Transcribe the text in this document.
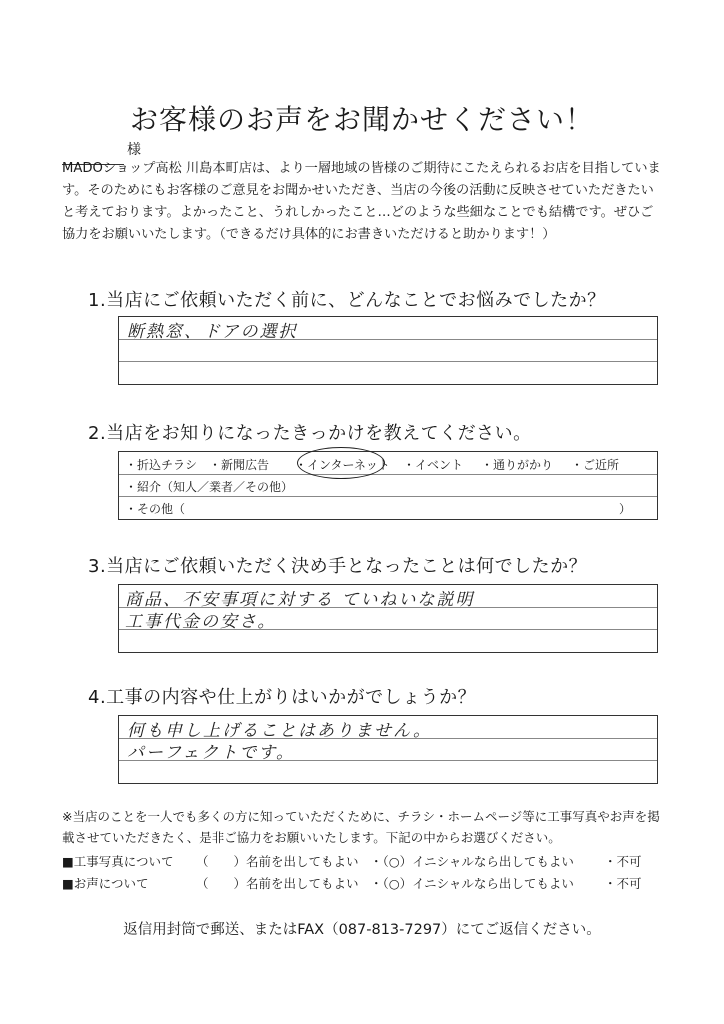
お客様のお声をお聞かせください！
様
MADOショップ高松 川島本町店は、より一層地域の皆様のご期待にこたえられるお店を目指しています。そのためにもお客様のご意見をお聞かせいただき、当店の今後の活動に反映させていただきたいと考えております。よかったこと、うれしかったこと…どのような些細なことでも結構です。ぜひご協力をお願いいたします。（できるだけ具体的にお書きいただけると助かります！）
1.当店にご依頼いただく前に、どんなことでお悩みでしたか？
断熱窓、ドアの選択
2.当店をお知りになったきっかけを教えてください。
・折込チラシ ・新聞広告 ・インターネット ・イベント ・通りがかり ・ご近所
・紹介（知人／業者／その他）
・その他（	）
3.当店にご依頼いただく決め手となったことは何でしたか？
商品、不安事項に対する ていねいな説明
工事代金の安さ。
4.工事の内容や仕上がりはいかがでしょうか？
何も申し上げることはありません。
パーフェクトです。
※当店のことを一人でも多くの方に知っていただくために、チラシ・ホームページ等に工事写真やお声を掲載させていただきたく、是非ご協力をお願いいたします。下記の中からお選びください。
■工事写真について （　　）名前を出してもよい ・（○）イニシャルなら出してもよい ・不可
■お声について	（　　）名前を出してもよい ・（○）イニシャルなら出してもよい ・不可
返信用封筒で郵送、またはFAX（087-813-7297）にてご返信ください。
